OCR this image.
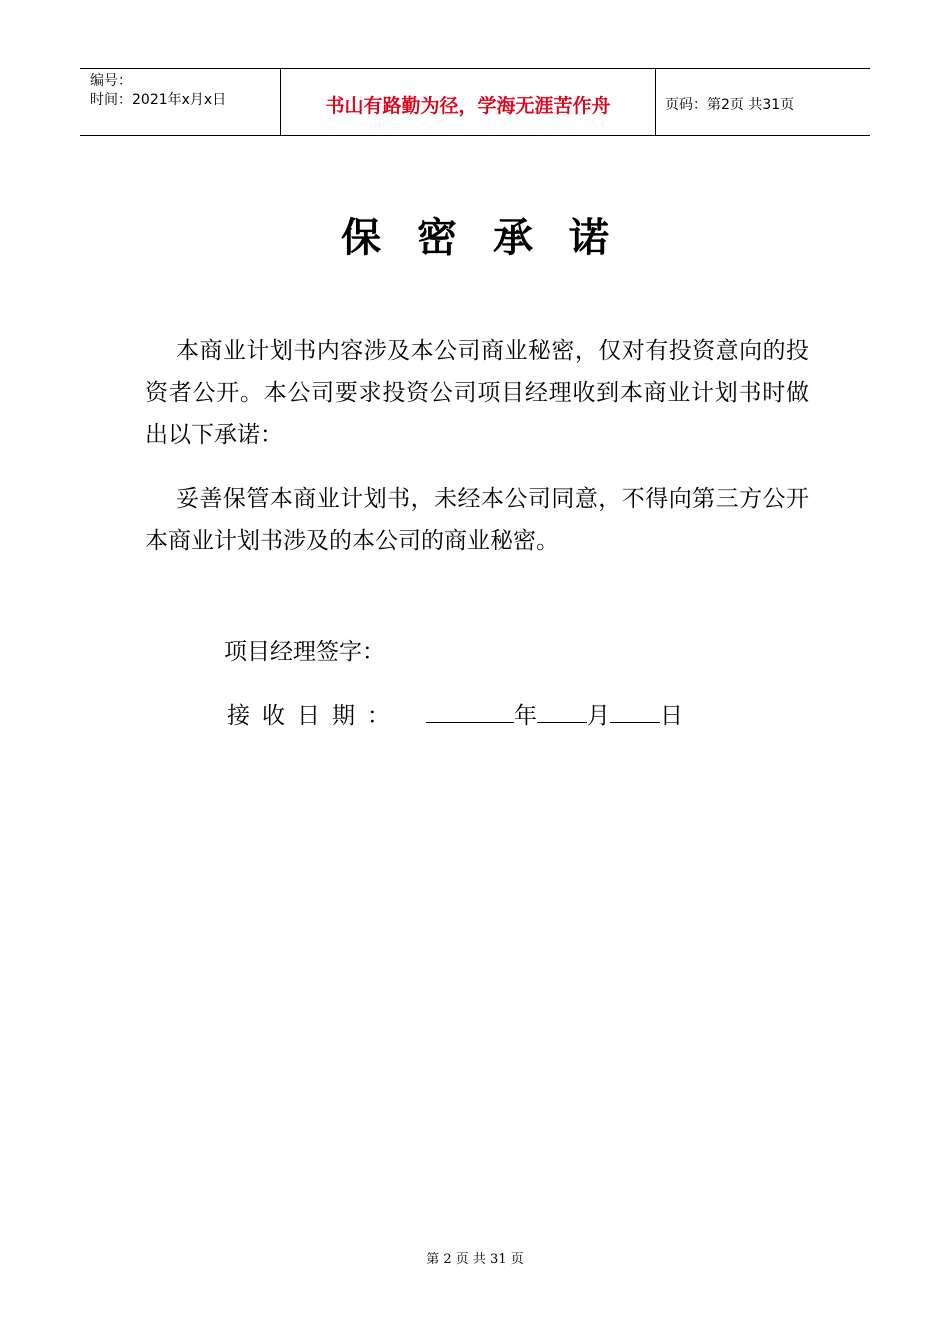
编号：
时间：2021年x月x日	书山有路勤为径，学海无涯苦作舟	页码：第2页 共31页
保密承诺

本商业计划书内容涉及本公司商业秘密，仅对有投资意向的投资者公开。本公司要求投资公司项目经理收到本商业计划书时做出以下承诺：

妥善保管本商业计划书，未经本公司同意，不得向第三方公开本商业计划书涉及的本公司的商业秘密。

项目经理签字：
接收日期：	年 月 日
第 2 页 共 31 页
